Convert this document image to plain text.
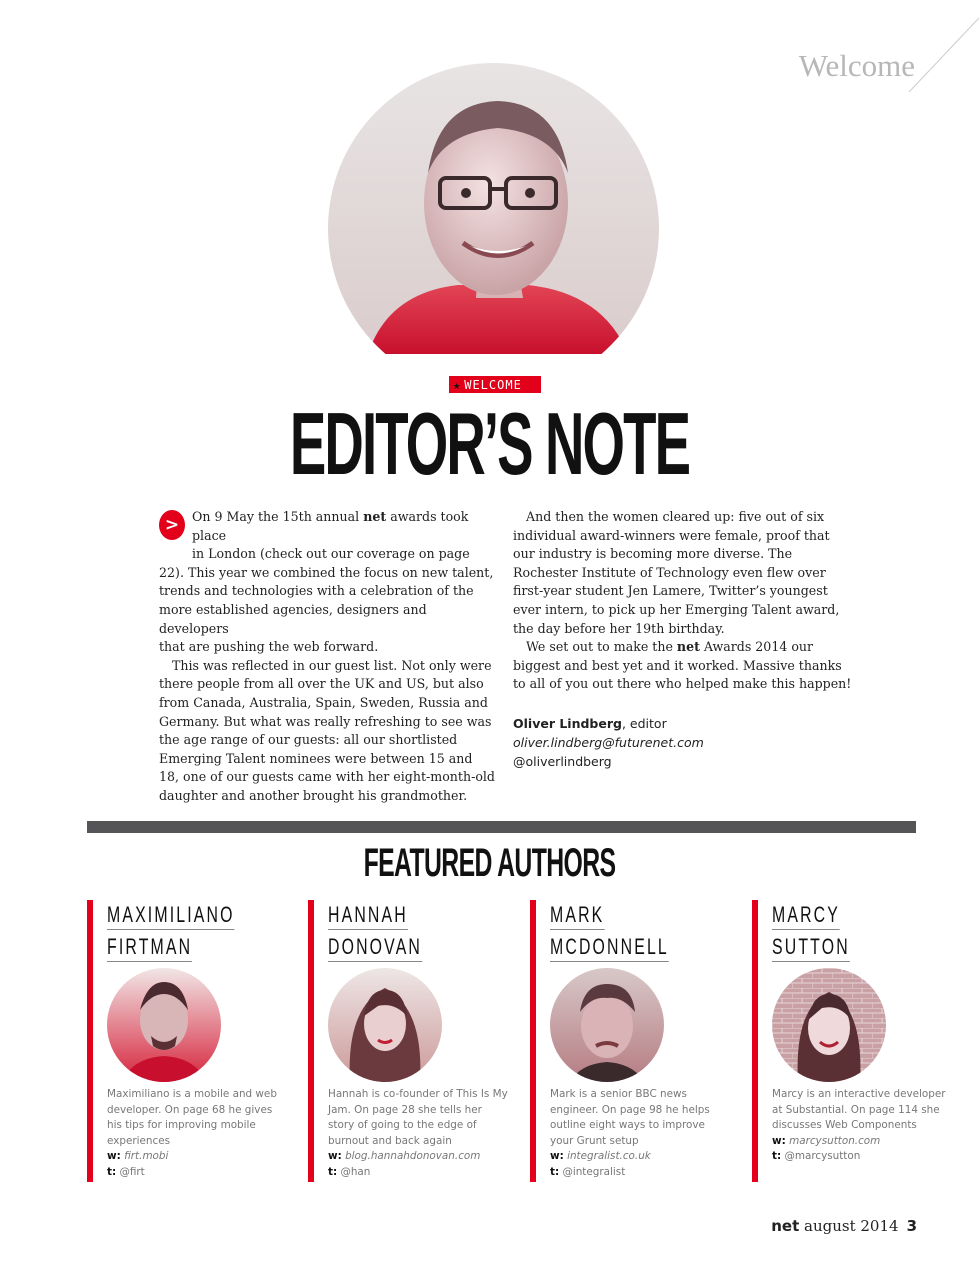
Welcome
★ WELCOME
EDITOR’S NOTE
>	On 9 May the 15th annual net awards took place
in London (check out our coverage on page
22). This year we combined the focus on new talent,
trends and technologies with a celebration of the
more established agencies, designers and developers
that are pushing the web forward.

This was reflected in our guest list. Not only were there people from all over the UK and US, but also from Canada, Australia, Spain, Sweden, Russia and Germany. But what was really refreshing to see was the age range of our guests: all our shortlisted Emerging Talent nominees were between 15 and 18, one of our guests came with her eight-month-old daughter and another brought his grandmother.

And then the women cleared up: five out of six individual award-winners were female, proof that our industry is becoming more diverse. The Rochester Institute of Technology even flew over first-year student Jen Lamere, Twitter’s youngest ever intern, to pick up her Emerging Talent award, the day before her 19th birthday.

We set out to make the net Awards 2014 our biggest and best yet and it worked. Massive thanks to all of you out there who helped make this happen!

Oliver Lindberg, editor
oliver.lindberg@futurenet.com
@oliverlindberg
FEATURED AUTHORS
MAXIMILIANO
FIRTMAN
Maximiliano is a mobile and web developer. On page 68 he gives his tips for improving mobile experiences
w: firt.mobi
t: @firt
HANNAH
DONOVAN
Hannah is co-founder of This Is My Jam. On page 28 she tells her story of going to the edge of burnout and back again
w: blog.hannahdonovan.com
t: @han
MARK
MCDONNELL
Mark is a senior BBC news engineer. On page 98 he helps outline eight ways to improve your Grunt setup
w: integralist.co.uk
t: @integralist
MARCY
SUTTON
Marcy is an interactive developer at Substantial. On page 114 she discusses Web Components
w: marcysutton.com
t: @marcysutton
net august 2014 3
